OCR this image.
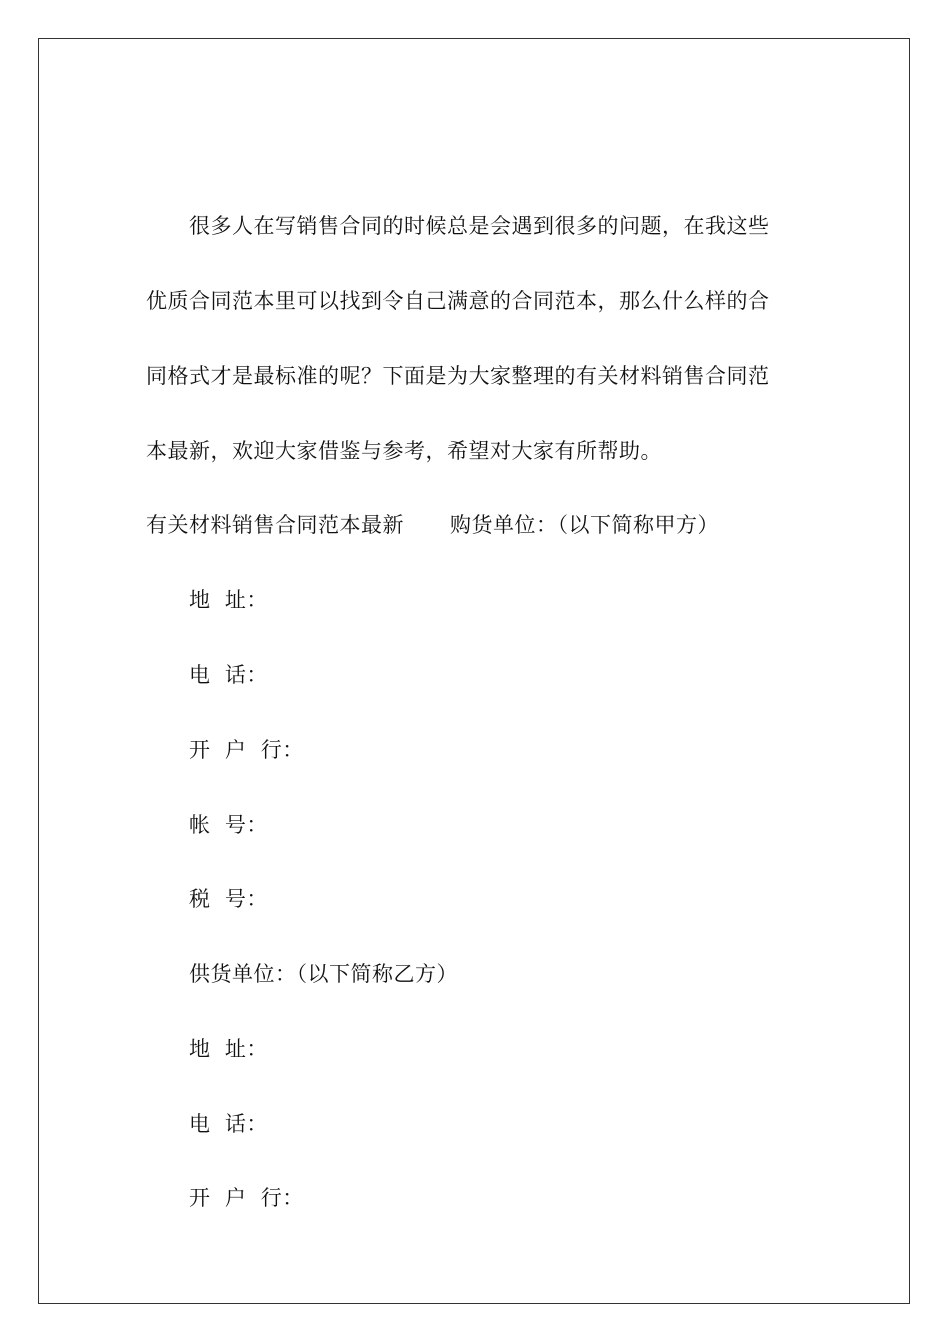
很多人在写销售合同的时候总是会遇到很多的问题，在我这些
优质合同范本里可以找到令自己满意的合同范本，那么什么样的合
同格式才是最标准的呢？下面是为大家整理的有关材料销售合同范
本最新，欢迎大家借鉴与参考，希望对大家有所帮助。
有关材料销售合同范本最新 购货单位：（以下简称甲方）
地  址：
电  话：
开  户  行：
帐  号：
税  号：
供货单位：（以下简称乙方）
地  址：
电  话：
开  户  行：
